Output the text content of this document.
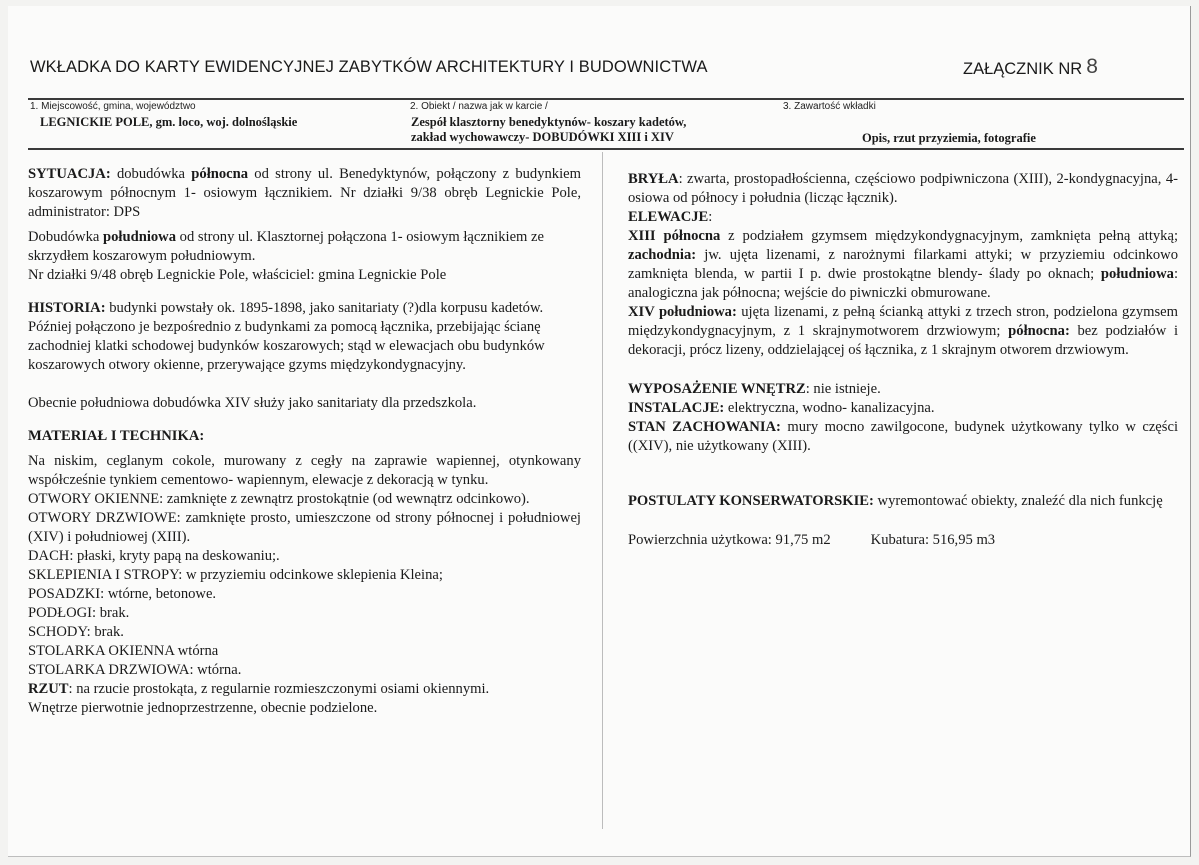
WKŁADKA DO KARTY EWIDENCYJNEJ ZABYTKÓW ARCHITEKTURY I BUDOWNICTWA	ZAŁĄCZNIK NR 8
1. Miejscowość, gmina, województwo
LEGNICKIE POLE, gm. loco, woj. dolnośląskie
2. Obiekt / nazwa jak w karcie /
Zespół klasztorny benedyktynów- koszary kadetów,
zakład wychowawczy- DOBUDÓWKI XIII i XIV
3. Zawartość wkładki
Opis, rzut przyziemia, fotografie

SYTUACJA: dobudówka północna od strony ul. Benedyktynów, połączony z budynkiem koszarowym północnym 1- osiowym łącznikiem. Nr działki 9/38 obręb Legnickie Pole, administrator: DPS

Dobudówka południowa od strony ul. Klasztornej połączona 1- osiowym łącznikiem ze skrzydłem koszarowym południowym.
Nr działki 9/48 obręb Legnickie Pole, właściciel: gmina Legnickie Pole

HISTORIA: budynki powstały ok. 1895-1898, jako sanitariaty (?)dla korpusu kadetów. Później połączono je bezpośrednio z budynkami za pomocą łącznika, przebijając ścianę zachodniej klatki schodowej budynków koszarowych; stąd w elewacjach obu budynków koszarowych otwory okienne, przerywające gzyms międzykondygnacyjny.

Obecnie południowa dobudówka XIV służy jako sanitariaty dla przedszkola.

MATERIAŁ I TECHNIKA:

Na niskim, ceglanym cokole, murowany z cegły na zaprawie wapiennej, otynkowany współcześnie tynkiem cementowo- wapiennym, elewacje z dekoracją w tynku.

OTWORY OKIENNE: zamknięte z zewnątrz prostokątnie (od wewnątrz odcinkowo).

OTWORY DRZWIOWE: zamknięte prosto, umieszczone od strony północnej i południowej (XIV) i południowej (XIII).

DACH: płaski, kryty papą na deskowaniu;.

SKLEPIENIA I STROPY: w przyziemiu odcinkowe sklepienia Kleina;

POSADZKI: wtórne, betonowe.

PODŁOGI: brak.

SCHODY: brak.

STOLARKA OKIENNA wtórna

STOLARKA DRZWIOWA: wtórna.

RZUT: na rzucie prostokąta, z regularnie rozmieszczonymi osiami okiennymi.
Wnętrze pierwotnie jednoprzestrzenne, obecnie podzielone.

BRYŁA: zwarta, prostopadłościenna, częściowo podpiwniczona (XIII), 2-kondygnacyjna, 4- osiowa od północy i południa (licząc łącznik).

ELEWACJE:

XIII północna z podziałem gzymsem międzykondygnacyjnym, zamknięta pełną attyką; zachodnia: jw. ujęta lizenami, z narożnymi filarkami attyki; w przyziemiu odcinkowo zamknięta blenda, w partii I p. dwie prostokątne blendy- ślady po oknach; południowa: analogiczna jak północna; wejście do piwniczki obmurowane.

XIV południowa: ujęta lizenami, z pełną ścianką attyki z trzech stron, podzielona gzymsem międzykondygnacyjnym, z 1 skrajnymotworem drzwiowym; północna: bez podziałów i dekoracji, prócz lizeny, oddzielającej oś łącznika, z 1 skrajnym otworem drzwiowym.

WYPOSAŻENIE WNĘTRZ: nie istnieje.

INSTALACJE: elektryczna, wodno- kanalizacyjna.

STAN ZACHOWANIA: mury mocno zawilgocone, budynek użytkowany tylko w części ((XIV), nie użytkowany (XIII).

POSTULATY KONSERWATORSKIE: wyremontować obiekty, znaleźć dla nich funkcję

Powierzchnia użytkowa: 91,75 m2	Kubatura: 516,95 m3
